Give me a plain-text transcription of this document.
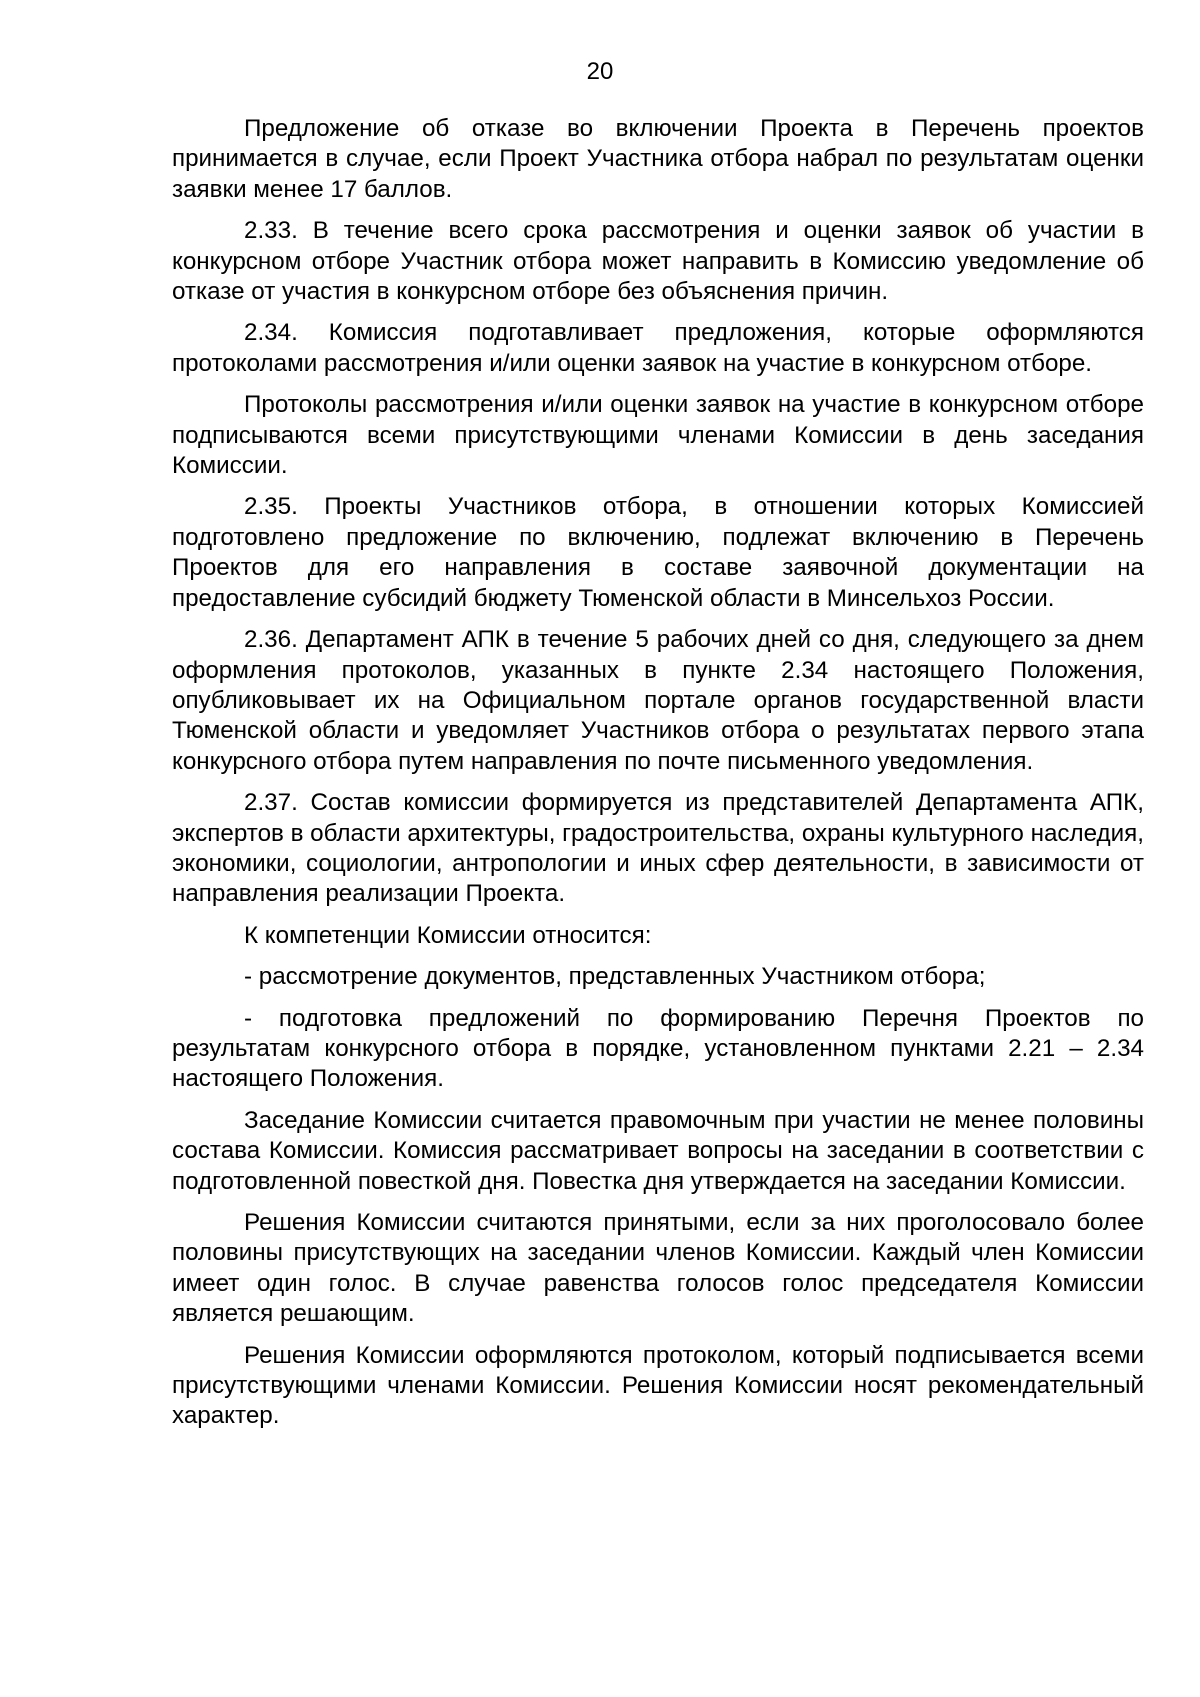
20

Предложение об отказе во включении Проекта в Перечень проектов принимается в случае, если Проект Участника отбора набрал по результатам оценки заявки менее 17 баллов.

2.33. В течение всего срока рассмотрения и оценки заявок об участии в конкурсном отборе Участник отбора может направить в Комиссию уведомление об отказе от участия в конкурсном отборе без объяснения причин.

2.34. Комиссия подготавливает предложения, которые оформляются протоколами рассмотрения и/или оценки заявок на участие в конкурсном отборе.

Протоколы рассмотрения и/или оценки заявок на участие в конкурсном отборе подписываются всеми присутствующими членами Комиссии в день заседания Комиссии.

2.35. Проекты Участников отбора, в отношении которых Комиссией подготовлено предложение по включению, подлежат включению в Перечень Проектов для его направления в составе заявочной документации на предоставление субсидий бюджету Тюменской области в Минсельхоз России.

2.36. Департамент АПК в течение 5 рабочих дней со дня, следующего за днем оформления протоколов, указанных в пункте 2.34 настоящего Положения, опубликовывает их на Официальном портале органов государственной власти Тюменской области и уведомляет Участников отбора о результатах первого этапа конкурсного отбора путем направления по почте письменного уведомления.

2.37. Состав комиссии формируется из представителей Департамента АПК, экспертов в области архитектуры, градостроительства, охраны культурного наследия, экономики, социологии, антропологии и иных сфер деятельности, в зависимости от направления реализации Проекта.

К компетенции Комиссии относится:

- рассмотрение документов, представленных Участником отбора;

- подготовка предложений по формированию Перечня Проектов по результатам конкурсного отбора в порядке, установленном пунктами 2.21 – 2.34 настоящего Положения.

Заседание Комиссии считается правомочным при участии не менее половины состава Комиссии. Комиссия рассматривает вопросы на заседании в соответствии с подготовленной повесткой дня. Повестка дня утверждается на заседании Комиссии.

Решения Комиссии считаются принятыми, если за них проголосовало более половины присутствующих на заседании членов Комиссии. Каждый член Комиссии имеет один голос. В случае равенства голосов голос председателя Комиссии является решающим.

Решения Комиссии оформляются протоколом, который подписывается всеми присутствующими членами Комиссии. Решения Комиссии носят рекомендательный характер.
